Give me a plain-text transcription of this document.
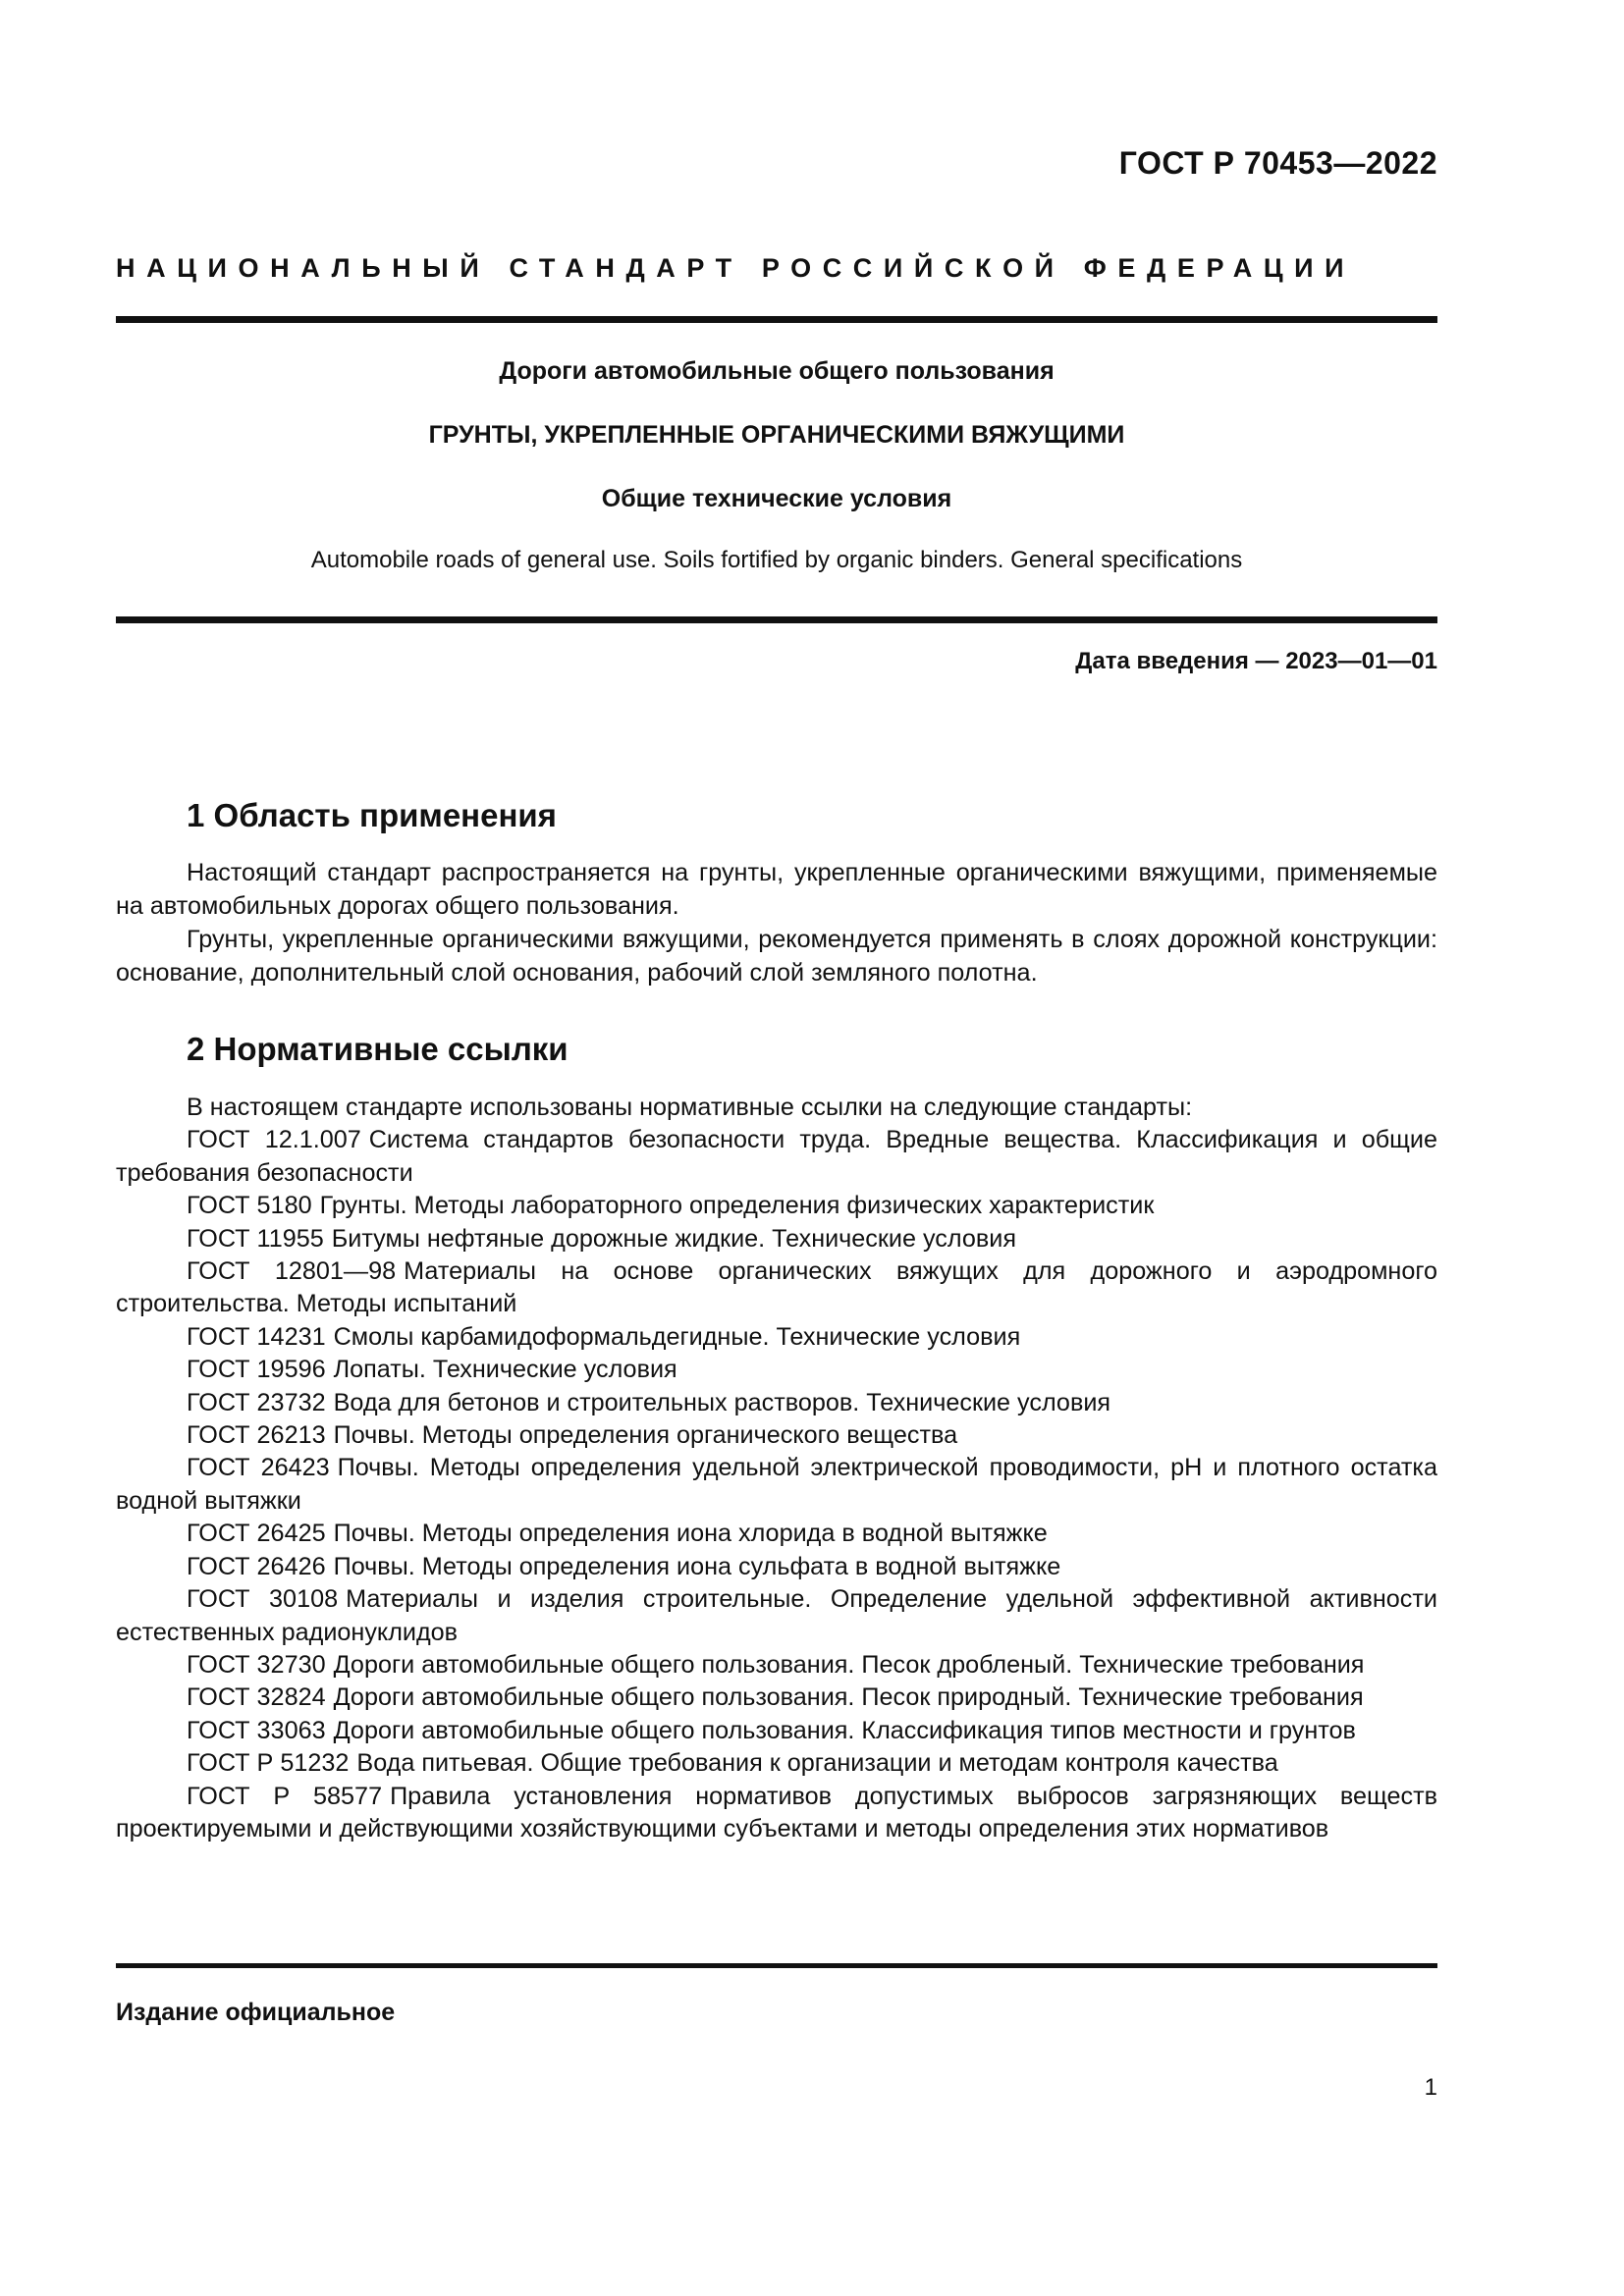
ГОСТ Р 70453—2022
НАЦИОНАЛЬНЫЙ СТАНДАРТ РОССИЙСКОЙ ФЕДЕРАЦИИ
Дороги автомобильные общего пользования
ГРУНТЫ, УКРЕПЛЕННЫЕ ОРГАНИЧЕСКИМИ ВЯЖУЩИМИ
Общие технические условия
Automobile roads of general use. Soils fortified by organic binders. General specifications
Дата введения — 2023—01—01
1 Область применения
Настоящий стандарт распространяется на грунты, укрепленные органическими вяжущими, применяемые на автомобильных дорогах общего пользования.
Грунты, укрепленные органическими вяжущими, рекомендуется применять в слоях дорожной конструкции: основание, дополнительный слой основания, рабочий слой земляного полотна.
2 Нормативные ссылки

В настоящем стандарте использованы нормативные ссылки на следующие стандарты:

ГОСТ 12.1.007 Система стандартов безопасности труда. Вредные вещества. Классификация и общие требования безопасности

ГОСТ 5180 Грунты. Методы лабораторного определения физических характеристик

ГОСТ 11955 Битумы нефтяные дорожные жидкие. Технические условия

ГОСТ 12801—98 Материалы на основе органических вяжущих для дорожного и аэродромного строительства. Методы испытаний

ГОСТ 14231 Смолы карбамидоформальдегидные. Технические условия

ГОСТ 19596 Лопаты. Технические условия

ГОСТ 23732 Вода для бетонов и строительных растворов. Технические условия

ГОСТ 26213 Почвы. Методы определения органического вещества

ГОСТ 26423 Почвы. Методы определения удельной электрической проводимости, pH и плотного остатка водной вытяжки

ГОСТ 26425 Почвы. Методы определения иона хлорида в водной вытяжке

ГОСТ 26426 Почвы. Методы определения иона сульфата в водной вытяжке

ГОСТ 30108 Материалы и изделия строительные. Определение удельной эффективной активности естественных радионуклидов

ГОСТ 32730 Дороги автомобильные общего пользования. Песок дробленый. Технические требования

ГОСТ 32824 Дороги автомобильные общего пользования. Песок природный. Технические требования

ГОСТ 33063 Дороги автомобильные общего пользования. Классификация типов местности и грунтов

ГОСТ Р 51232 Вода питьевая. Общие требования к организации и методам контроля качества

ГОСТ Р 58577 Правила установления нормативов допустимых выбросов загрязняющих веществ проектируемыми и действующими хозяйствующими субъектами и методы определения этих нормативов

Издание официальное
1
